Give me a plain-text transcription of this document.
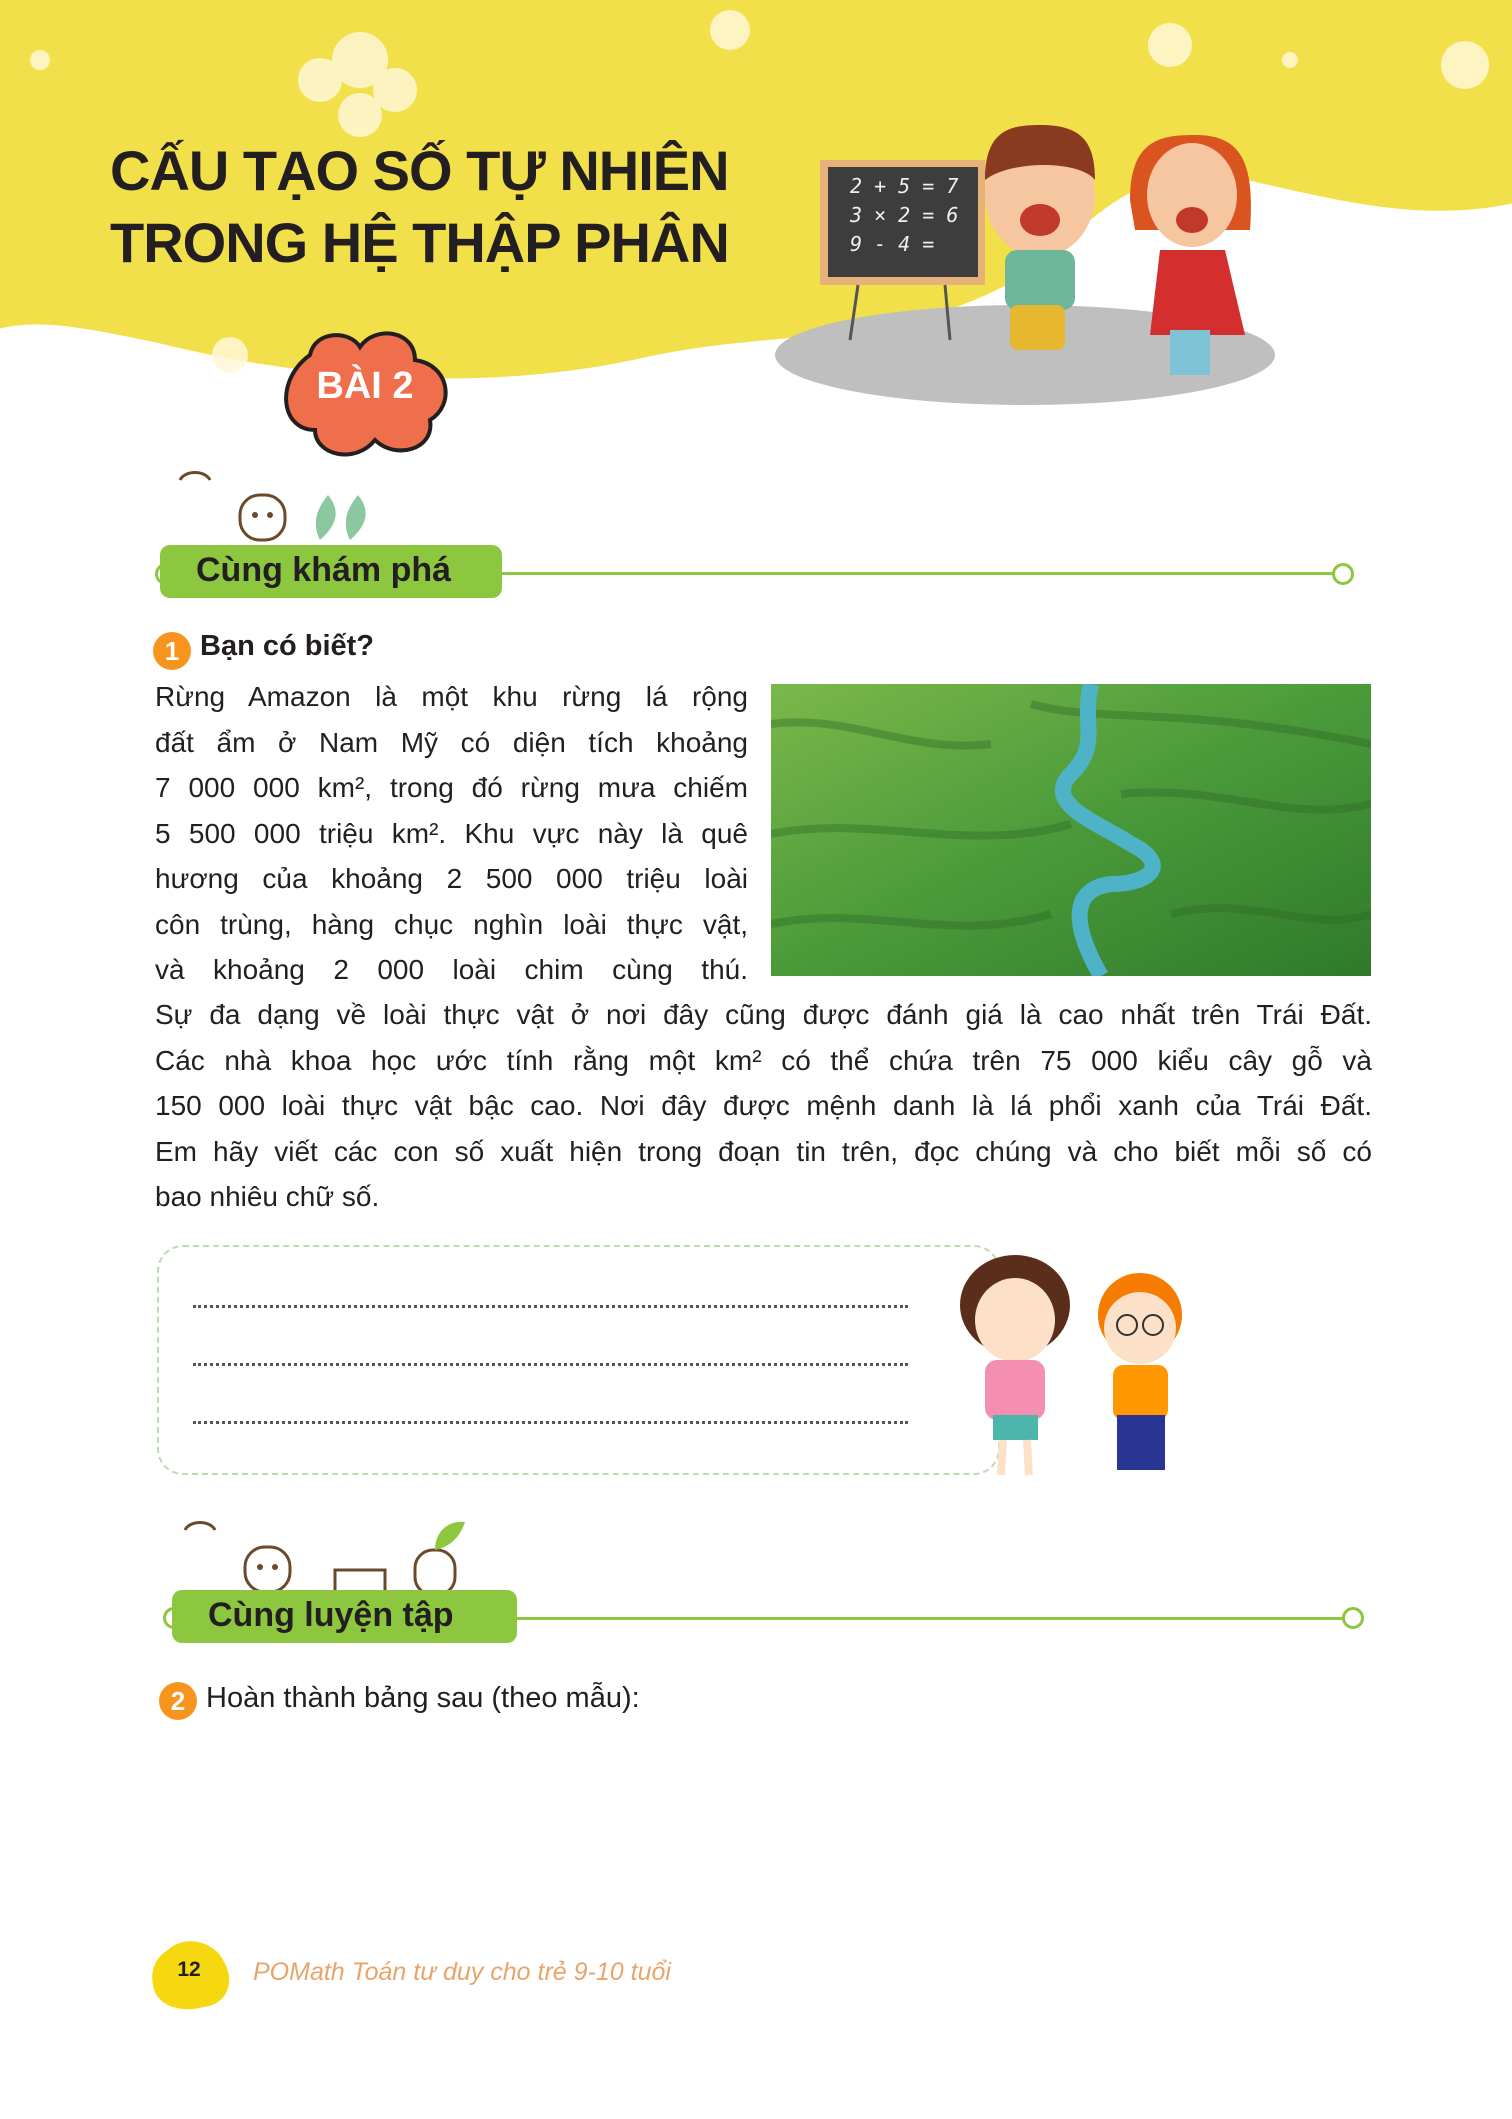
CẤU TẠO SỐ TỰ NHIÊN
TRONG HỆ THẬP PHÂN
2 + 5 = 7
3 × 2 = 6
9 - 4 =
BÀI 2
Cùng khám phá
1 Bạn có biết?
Rừng Amazon là một khu rừng lá rộng
đất ẩm ở Nam Mỹ có diện tích khoảng
7 000 000 km², trong đó rừng mưa chiếm
5 500 000 triệu km². Khu vực này là quê
hương của khoảng 2 500 000 triệu loài
côn trùng, hàng chục nghìn loài thực vật,
và khoảng 2 000 loài chim cùng thú.
Sự đa dạng về loài thực vật ở nơi đây cũng được đánh giá là cao nhất trên Trái Đất.
Các nhà khoa học ước tính rằng một km² có thể chứa trên 75 000 kiểu cây gỗ và
150 000 loài thực vật bậc cao. Nơi đây được mệnh danh là lá phổi xanh của Trái Đất.
Em hãy viết các con số xuất hiện trong đoạn tin trên, đọc chúng và cho biết mỗi số có
bao nhiêu chữ số.
Cùng luyện tập
2 Hoàn thành bảng sau (theo mẫu):
12	POMath Toán tư duy cho trẻ 9-10 tuổi
